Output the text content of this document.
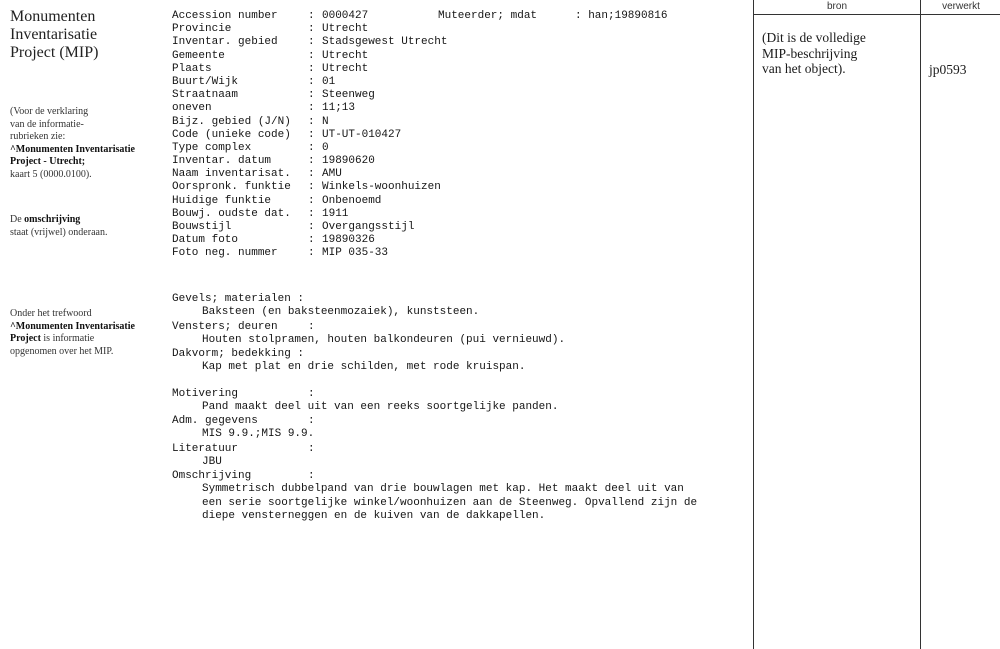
Monumenten
Inventarisatie
Project (MIP)
(Voor de verklaring
van de informatie-
rubrieken zie:
^Monumenten Inventarisatie
Project - Utrecht;
kaart 5 (0000.0100).
De omschrijving
staat (vrijwel) onderaan.
Onder het trefwoord
^Monumenten Inventarisatie
Project is informatie
opgenomen over het MIP.
Accession number	: 0000427
Provincie	: Utrecht
Inventar. gebied	: Stadsgewest Utrecht
Gemeente	: Utrecht
Plaats	: Utrecht
Buurt/Wijk	: 01
Straatnaam	: Steenweg
oneven	: 11;13
Bijz. gebied (J/N) : N
Code (unieke code) : UT-UT-010427
Type complex	: 0
Inventar. datum	: 19890620
Naam inventarisat. : AMU
Oorspronk. funktie : Winkels-woonhuizen
Huidige funktie	: Onbenoemd
Bouwj. oudste dat. : 1911
Bouwstijl	: Overgangsstijl
Datum foto	: 19890326
Foto neg. nummer	: MIP 035-33
Muteerder; mdat	: han;19890816
Gevels; materialen :
Baksteen (en baksteenmozaiek), kunststeen.
Vensters; deuren	:
Houten stolpramen, houten balkondeuren (pui vernieuwd).
Dakvorm; bedekking :
Kap met plat en drie schilden, met rode kruispan.
Motivering	:
Pand maakt deel uit van een reeks soortgelijke panden.
Adm. gegevens	:
MIS 9.9.;MIS 9.9.
Literatuur	:
JBU
Omschrijving	:
Symmetrisch dubbelpand van drie bouwlagen met kap. Het maakt deel uit van
een serie soortgelijke winkel/woonhuizen aan de Steenweg. Opvallend zijn de
diepe vensterneggen en de kuiven van de dakkapellen.
bron	verwerkt
(Dit is de volledige
MIP-beschrijving
van het object).	jp0593
